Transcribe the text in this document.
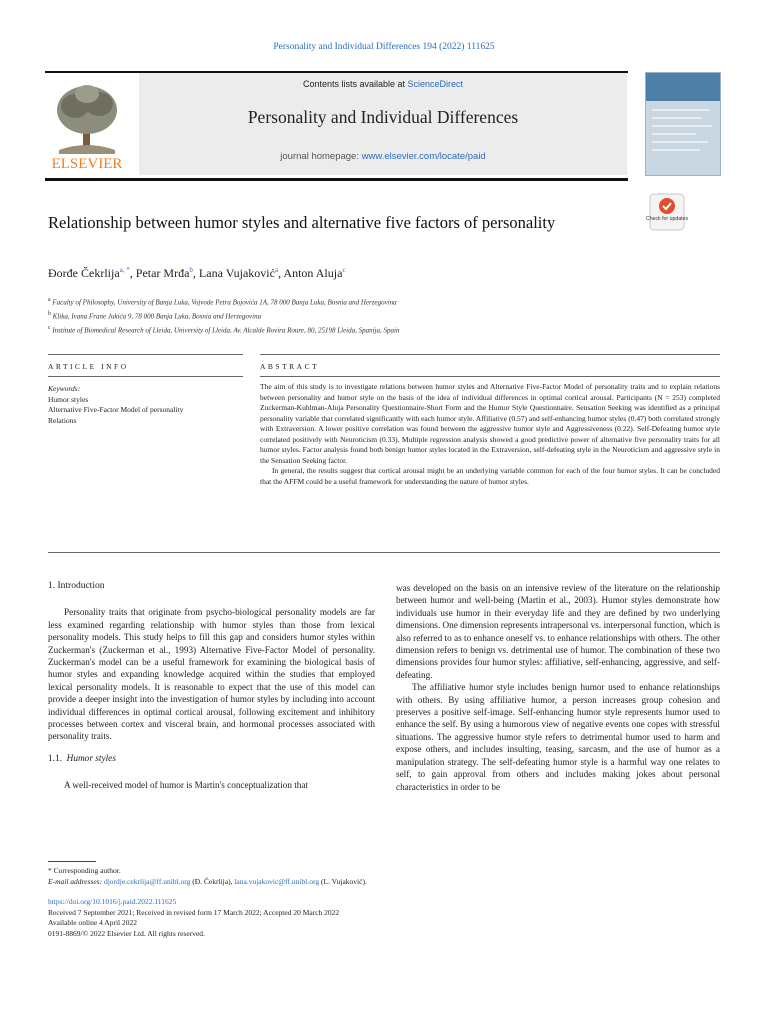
Personality and Individual Differences 194 (2022) 111625
ELSEVIER
Contents lists available at ScienceDirect
Personality and Individual Differences
journal homepage: www.elsevier.com/locate/paid
Check for updates
Relationship between humor styles and alternative five factors of personality
Đorđe Čekrlija$^{a, *}$, Petar Mrđa$^b$, Lana Vujaković$^a$, Anton Aluja$^c$
$^a$ Faculty of Philosophy, University of Banja Luka, Vojvode Petra Bojovića 1A, 78 000 Banja Luka, Bosnia and Herzegovina
$^b$ Klika, Ivana Frane Jukića 9, 78 000 Banja Luka, Bosnia and Herzegovina
$^c$ Institute of Biomedical Research of Lleida, University of Lleida, Av. Alcalde Rovira Roure, 80, 25198 Lleida, Spanija, Spain
ARTICLE INFO	ABSTRACT
Keywords:
Humor styles
Alternative Five-Factor Model of personality
Relations

The aim of this study is to investigate relations between humor styles and Alternative Five-Factor Model of personality traits and to explain relations between personality and humor style on the basis of the idea of individual differences in optimal cortical arousal. Participants (N = 253) completed Zuckerman-Kuhlman-Aluja Personality Questionnaire-Short Form and the Humor Style Questionnaire. Sensation Seeking was identified as a principal personality variable that correlated significantly with each humor style. Affiliative (0.57) and self-enhancing humor styles (0.47) both correlated strongly with Extraversion. A lower positive correlation was found between the aggressive humor style and Aggressiveness (0.22). Self-Defeating humor style correlated positively with Neuroticism (0.33). Multiple regression analysis showed a good predictive power of alternative five personality traits for all humor styles. Factor analysis found both benign humor styles located in the Extraversion, self-defeating style in the Neuroticism and aggressive style in the Sensation Seeking factor.

In general, the results suggest that cortical arousal might be an underlying variable common for each of the four humor styles. It can be concluded that the AFFM could be a useful framework for understanding the nature of humor styles.

1. Introduction

Personality traits that originate from psycho-biological personality models are far less examined regarding relationship with humor styles than those from lexical personality models. This study helps to fill this gap and considers humor styles within Zuckerman's (Zuckerman et al., 1993) Alternative Five-Factor Model of personality. Zuckerman's model can be a useful framework for examining the biological basis of humor styles and expanding knowledge acquired within the studies that employed lexical personality models. It is reasonable to expect that the use of this model can provide a deeper insight into the investigation of humor styles by including into account individual differences in optimal cortical arousal, following excitement and inhibitory processes between cortex and visceral brain, and hormonal processes associated with personality traits.

1.1. Humor styles

A well-received model of humor is Martin's conceptualization that

was developed on the basis on an intensive review of the literature on the relationship between humor and well-being (Martin et al., 2003). Humor styles demonstrate how individuals use humor in their everyday life and they are defined by two underlying dimensions. One dimension represents intrapersonal vs. interpersonal function, which is also referred to as to enhance oneself vs. to enhance relationships with others. The other dimension refers to benign vs. detrimental use of humor. The combination of these two dimensions provides four humor styles: affiliative, self-enhancing, aggressive, and self-defeating.

The affiliative humor style includes benign humor used to enhance relationships with others. By using affiliative humor, a person increases group cohesion and preserves a positive self-image. Self-enhancing humor style represents humor used to enhance the self. By using a humorous view of negative events one copes with stressful situations. The aggressive humor style refers to detrimental humor used to harm and expose others, and includes insulting, teasing, sarcasm, and the use of humor as a manipulation strategy. The self-defeating humor style is a harmful way one relates to self, to gain approval from others and includes making jokes about personal characteristics in order to be

* Corresponding author.
E-mail addresses: djordje.cekrlija@ff.unibl.org (Đ. Čekrlija), lana.vujakovic@ff.unibl.org (L. Vujaković).
https://doi.org/10.1016/j.paid.2022.111625
Received 7 September 2021; Received in revised form 17 March 2022; Accepted 20 March 2022
Available online 4 April 2022
0191-8869/© 2022 Elsevier Ltd. All rights reserved.
